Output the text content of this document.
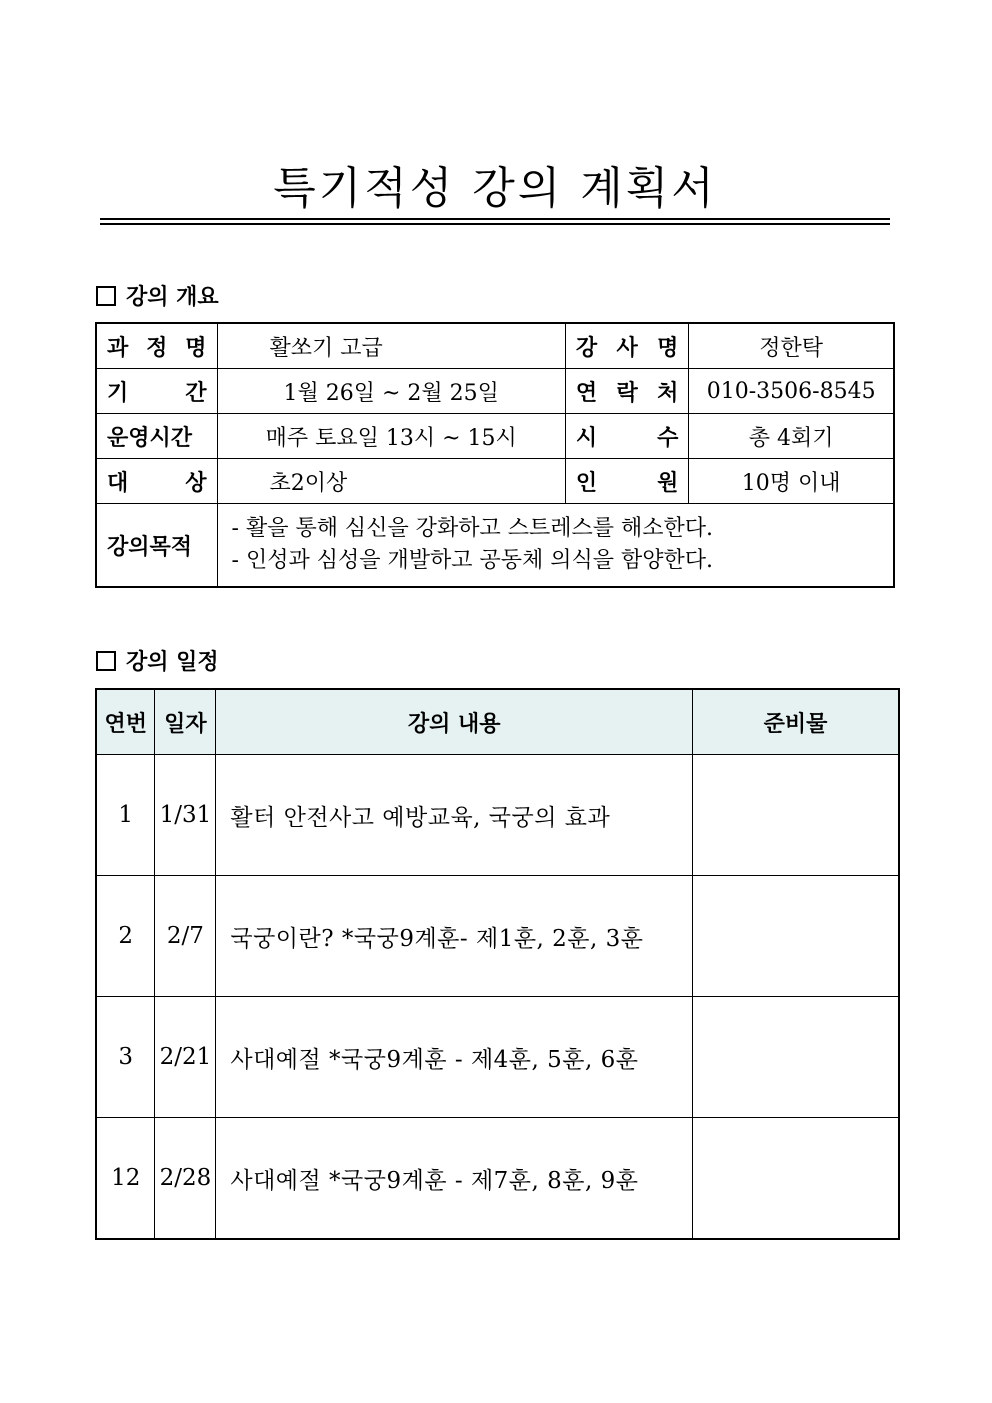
특기적성 강의 계획서
강의 개요
과 정 명	활쏘기 고급	강 사 명	정한탁
기 간	1월 26일 ~ 2월 25일	연 락 처	010-3506-8545
운영시간	매주 토요일 13시 ~ 15시	시 수	총 4회기
대 상	초2이상	인 원	10명 이내
강의목적	- 활을 통해 심신을 강화하고 스트레스를 해소한다.
- 인성과 심성을 개발하고 공동체 의식을 함양한다.		
강의 일정
연번	일자	강의 내용	준비물
1	1/31	활터 안전사고 예방교육, 국궁의 효과	
2	2/7	국궁이란? *국궁9계훈- 제1훈, 2훈, 3훈	
3	2/21	사대예절 *국궁9계훈 - 제4훈, 5훈, 6훈	
12	2/28	사대예절 *국궁9계훈 - 제7훈, 8훈, 9훈	
